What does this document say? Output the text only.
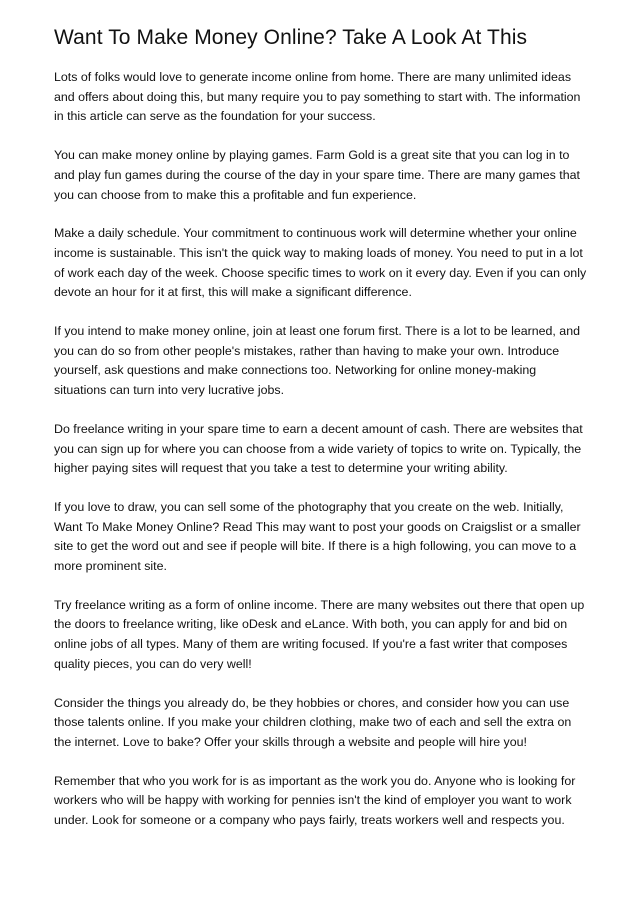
Want To Make Money Online? Take A Look At This

Lots of folks would love to generate income online from home. There are many unlimited ideas and offers about doing this, but many require you to pay something to start with. The information in this article can serve as the foundation for your success.

You can make money online by playing games. Farm Gold is a great site that you can log in to and play fun games during the course of the day in your spare time. There are many games that you can choose from to make this a profitable and fun experience.

Make a daily schedule. Your commitment to continuous work will determine whether your online income is sustainable. This isn't the quick way to making loads of money. You need to put in a lot of work each day of the week. Choose specific times to work on it every day. Even if you can only devote an hour for it at first, this will make a significant difference.

If you intend to make money online, join at least one forum first. There is a lot to be learned, and you can do so from other people's mistakes, rather than having to make your own. Introduce yourself, ask questions and make connections too. Networking for online money-making situations can turn into very lucrative jobs.

Do freelance writing in your spare time to earn a decent amount of cash. There are websites that you can sign up for where you can choose from a wide variety of topics to write on. Typically, the higher paying sites will request that you take a test to determine your writing ability.

If you love to draw, you can sell some of the photography that you create on the web. Initially, Want To Make Money Online? Read This may want to post your goods on Craigslist or a smaller site to get the word out and see if people will bite. If there is a high following, you can move to a more prominent site.

Try freelance writing as a form of online income. There are many websites out there that open up the doors to freelance writing, like oDesk and eLance. With both, you can apply for and bid on online jobs of all types. Many of them are writing focused. If you're a fast writer that composes quality pieces, you can do very well!

Consider the things you already do, be they hobbies or chores, and consider how you can use those talents online. If you make your children clothing, make two of each and sell the extra on the internet. Love to bake? Offer your skills through a website and people will hire you!

Remember that who you work for is as important as the work you do. Anyone who is looking for workers who will be happy with working for pennies isn't the kind of employer you want to work under. Look for someone or a company who pays fairly, treats workers well and respects you.
